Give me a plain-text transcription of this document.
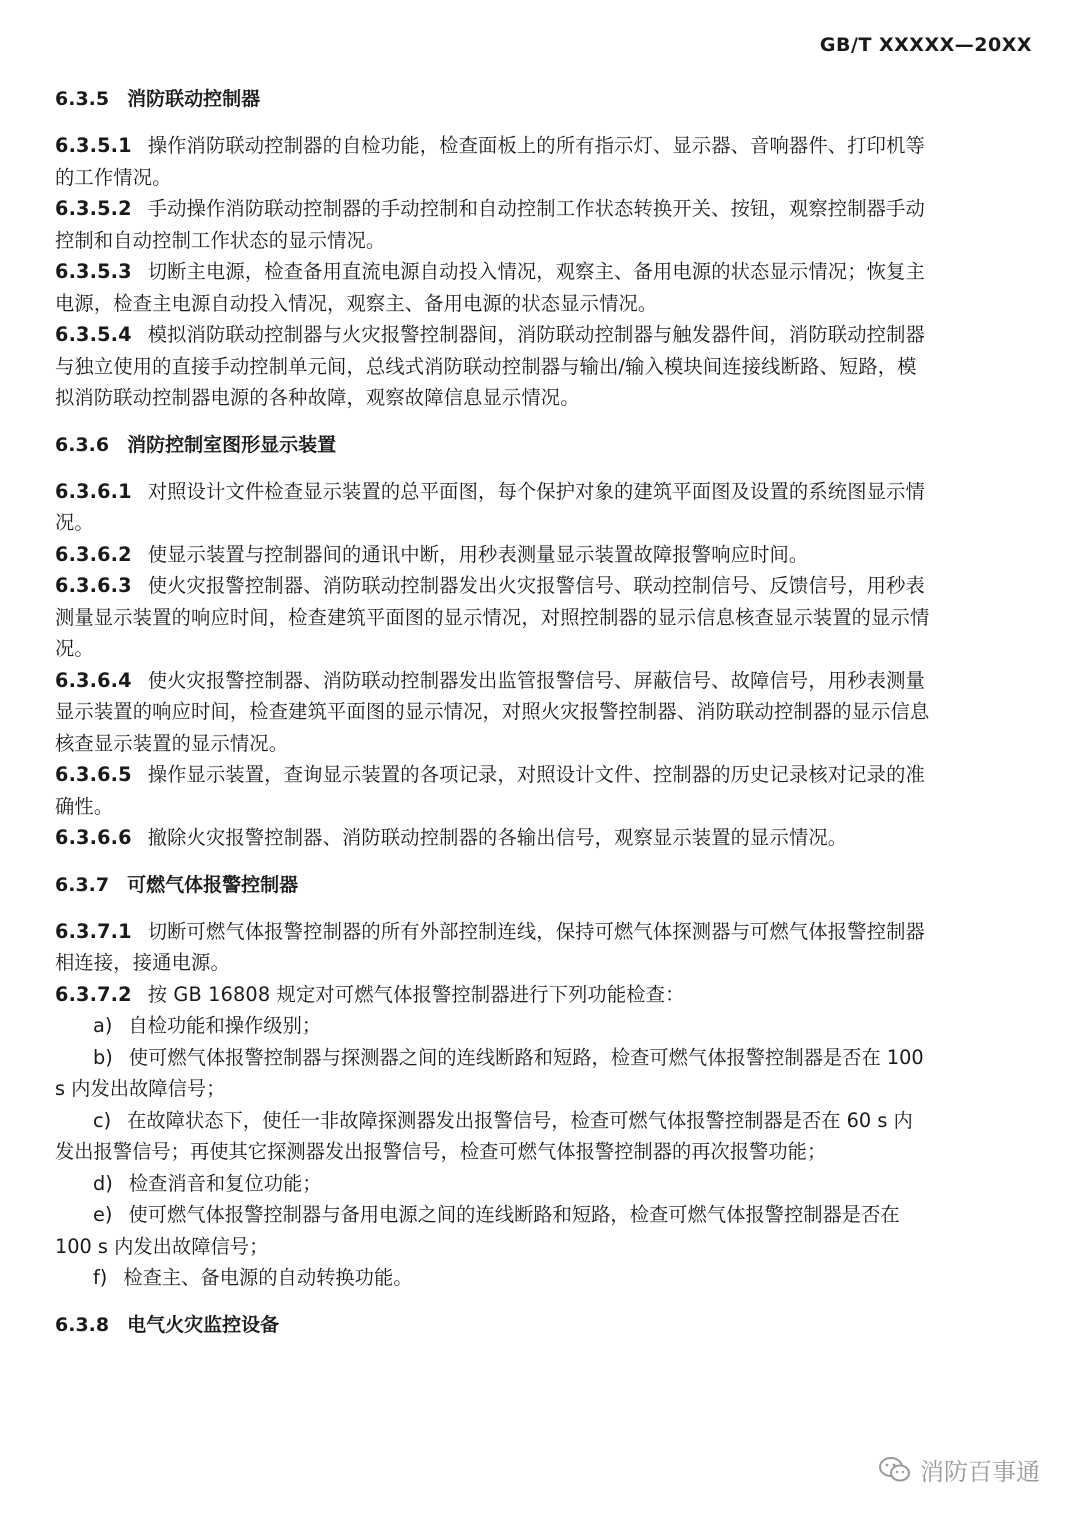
GB/T XXXXX—20XX
6.3.5 消防联动控制器
6.3.5.1 操作消防联动控制器的自检功能，检查面板上的所有指示灯、显示器、音响器件、打印机等
的工作情况。
6.3.5.2 手动操作消防联动控制器的手动控制和自动控制工作状态转换开关、按钮，观察控制器手动
控制和自动控制工作状态的显示情况。
6.3.5.3 切断主电源，检查备用直流电源自动投入情况，观察主、备用电源的状态显示情况；恢复主
电源，检查主电源自动投入情况，观察主、备用电源的状态显示情况。
6.3.5.4 模拟消防联动控制器与火灾报警控制器间，消防联动控制器与触发器件间，消防联动控制器
与独立使用的直接手动控制单元间，总线式消防联动控制器与输出/输入模块间连接线断路、短路，模
拟消防联动控制器电源的各种故障，观察故障信息显示情况。
6.3.6 消防控制室图形显示装置
6.3.6.1 对照设计文件检查显示装置的总平面图，每个保护对象的建筑平面图及设置的系统图显示情
况。
6.3.6.2 使显示装置与控制器间的通讯中断，用秒表测量显示装置故障报警响应时间。
6.3.6.3 使火灾报警控制器、消防联动控制器发出火灾报警信号、联动控制信号、反馈信号，用秒表
测量显示装置的响应时间，检查建筑平面图的显示情况，对照控制器的显示信息核查显示装置的显示情
况。
6.3.6.4 使火灾报警控制器、消防联动控制器发出监管报警信号、屏蔽信号、故障信号，用秒表测量
显示装置的响应时间，检查建筑平面图的显示情况，对照火灾报警控制器、消防联动控制器的显示信息
核查显示装置的显示情况。
6.3.6.5 操作显示装置，查询显示装置的各项记录，对照设计文件、控制器的历史记录核对记录的准
确性。
6.3.6.6 撤除火灾报警控制器、消防联动控制器的各输出信号，观察显示装置的显示情况。
6.3.7 可燃气体报警控制器
6.3.7.1 切断可燃气体报警控制器的所有外部控制连线，保持可燃气体探测器与可燃气体报警控制器
相连接，接通电源。
6.3.7.2 按 GB 16808 规定对可燃气体报警控制器进行下列功能检查：
a) 自检功能和操作级别；
b) 使可燃气体报警控制器与探测器之间的连线断路和短路，检查可燃气体报警控制器是否在 100
s 内发出故障信号；
c) 在故障状态下，使任一非故障探测器发出报警信号，检查可燃气体报警控制器是否在 60 s 内
发出报警信号；再使其它探测器发出报警信号，检查可燃气体报警控制器的再次报警功能；
d) 检查消音和复位功能；
e) 使可燃气体报警控制器与备用电源之间的连线断路和短路，检查可燃气体报警控制器是否在
100 s 内发出故障信号；
f) 检查主、备电源的自动转换功能。
6.3.8 电气火灾监控设备
消防百事通
